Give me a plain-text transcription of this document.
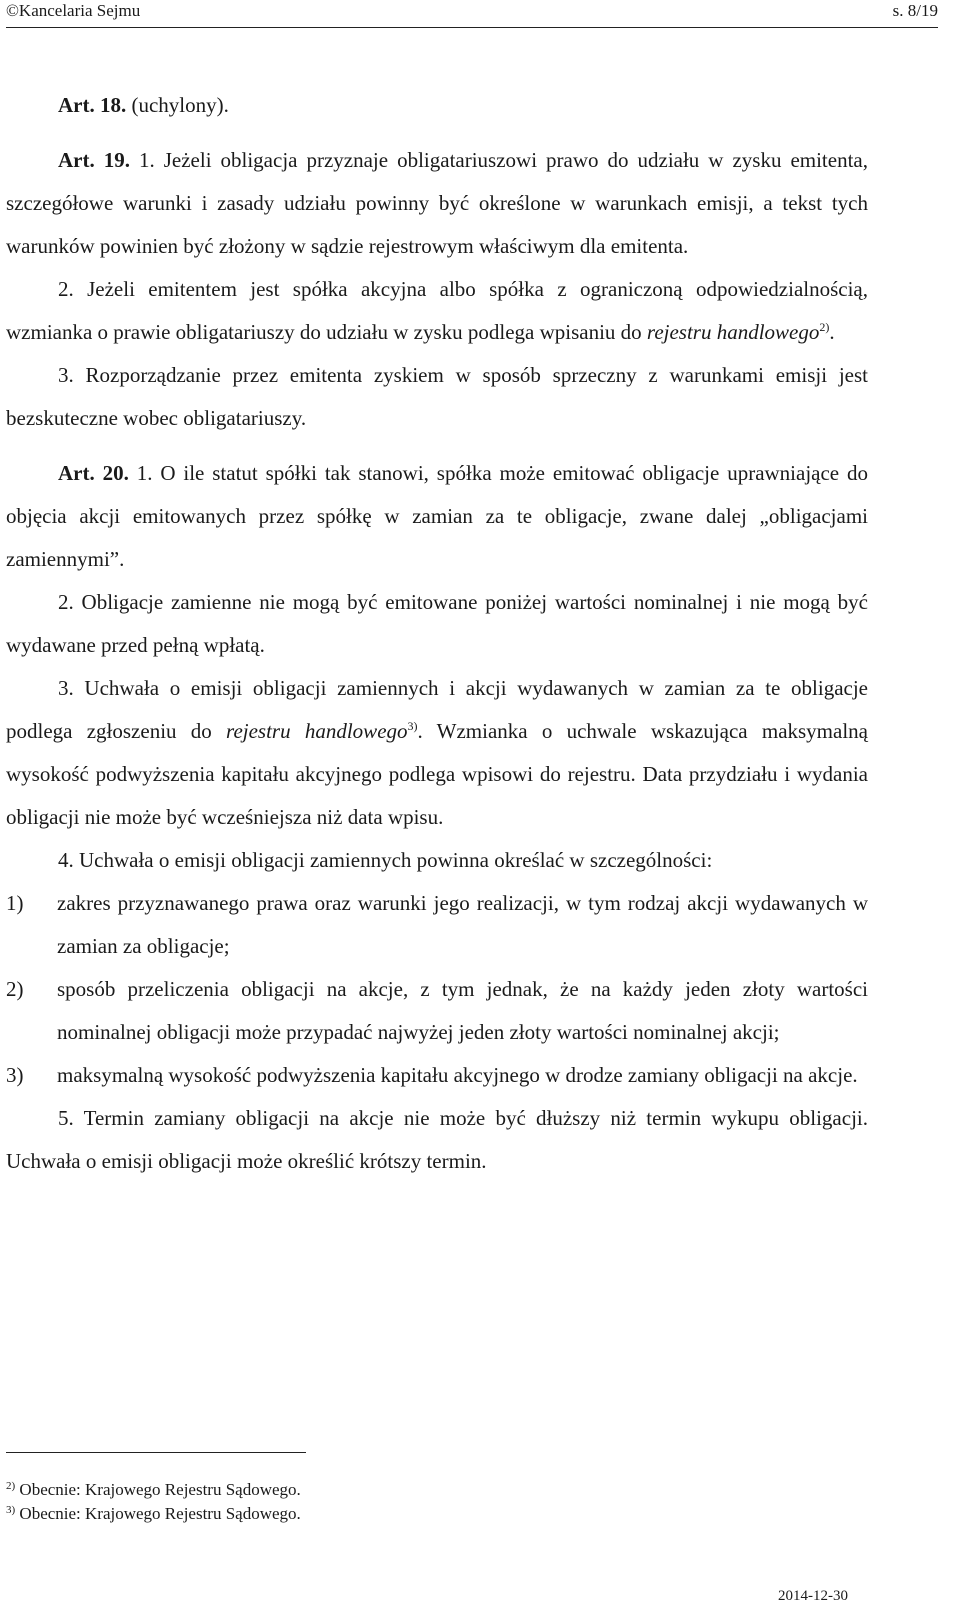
©Kancelaria Sejmu	s. 8/19

Art. 18. (uchylony).

Art. 19. 1. Jeżeli obligacja przyznaje obligatariuszowi prawo do udziału w zysku emitenta, szczegółowe warunki i zasady udziału powinny być określone w warunkach emisji, a tekst tych warunków powinien być złożony w sądzie rejestrowym właściwym dla emitenta.

2. Jeżeli emitentem jest spółka akcyjna albo spółka z ograniczoną odpowiedzialnością, wzmianka o prawie obligatariuszy do udziału w zysku podlega wpisaniu do rejestru handlowego$^{2)}$.

3. Rozporządzanie przez emitenta zyskiem w sposób sprzeczny z warunkami emisji jest bezskuteczne wobec obligatariuszy.

Art. 20. 1. O ile statut spółki tak stanowi, spółka może emitować obligacje uprawniające do objęcia akcji emitowanych przez spółkę w zamian za te obligacje, zwane dalej „obligacjami zamiennymi”.

2. Obligacje zamienne nie mogą być emitowane poniżej wartości nominalnej i nie mogą być wydawane przed pełną wpłatą.

3. Uchwała o emisji obligacji zamiennych i akcji wydawanych w zamian za te obligacje podlega zgłoszeniu do rejestru handlowego$^{3)}$. Wzmianka o uchwale wskazująca maksymalną wysokość podwyższenia kapitału akcyjnego podlega wpisowi do rejestru. Data przydziału i wydania obligacji nie może być wcześniejsza niż data wpisu.

4. Uchwała o emisji obligacji zamiennych powinna określać w szczególności:

1) zakres przyznawanego prawa oraz warunki jego realizacji, w tym rodzaj akcji wydawanych w zamian za obligacje;
2) sposób przeliczenia obligacji na akcje, z tym jednak, że na każdy jeden złoty wartości nominalnej obligacji może przypadać najwyżej jeden złoty wartości nominalnej akcji;
3) maksymalną wysokość podwyższenia kapitału akcyjnego w drodze zamiany obligacji na akcje.

5. Termin zamiany obligacji na akcje nie może być dłuższy niż termin wykupu obligacji. Uchwała o emisji obligacji może określić krótszy termin.

$^{2)}$ Obecnie: Krajowego Rejestru Sądowego.
$^{3)}$ Obecnie: Krajowego Rejestru Sądowego.
2014-12-30
